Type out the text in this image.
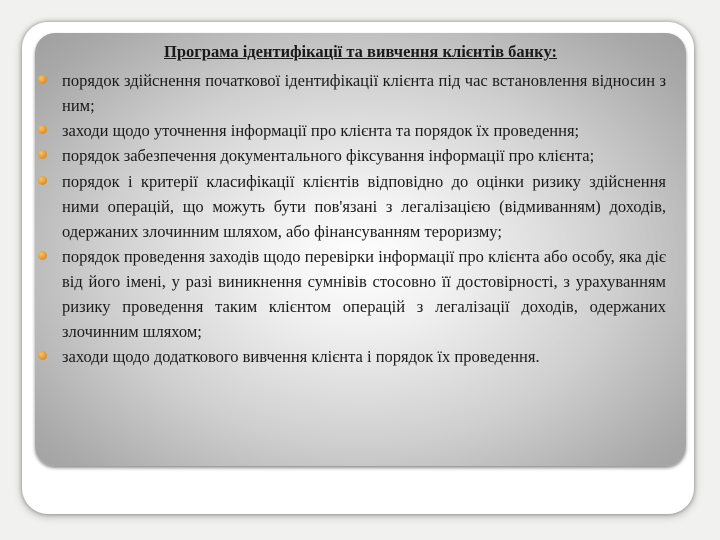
Програма ідентифікації та вивчення клієнтів банку:
порядок здійснення початкової ідентифікації клієнта під час встановлення відносин з ним;
заходи щодо уточнення інформації про клієнта та порядок їх проведення;
порядок забезпечення документального фіксування інформації про клієнта;
порядок і критерії класифікації клієнтів відповідно до оцінки ризику здійснення ними операцій, що можуть бути пов'язані з легалізацією (відмиванням) доходів, одержаних злочинним шляхом, або фінансуванням тероризму;
порядок проведення заходів щодо перевірки інформації про клієнта або особу, яка діє від його імені, у разі виникнення сумнівів стосовно її достовірності, з урахуванням ризику проведення таким клієнтом операцій з легалізації доходів, одержаних злочинним шляхом;
заходи щодо додаткового вивчення клієнта і порядок їх проведення.
